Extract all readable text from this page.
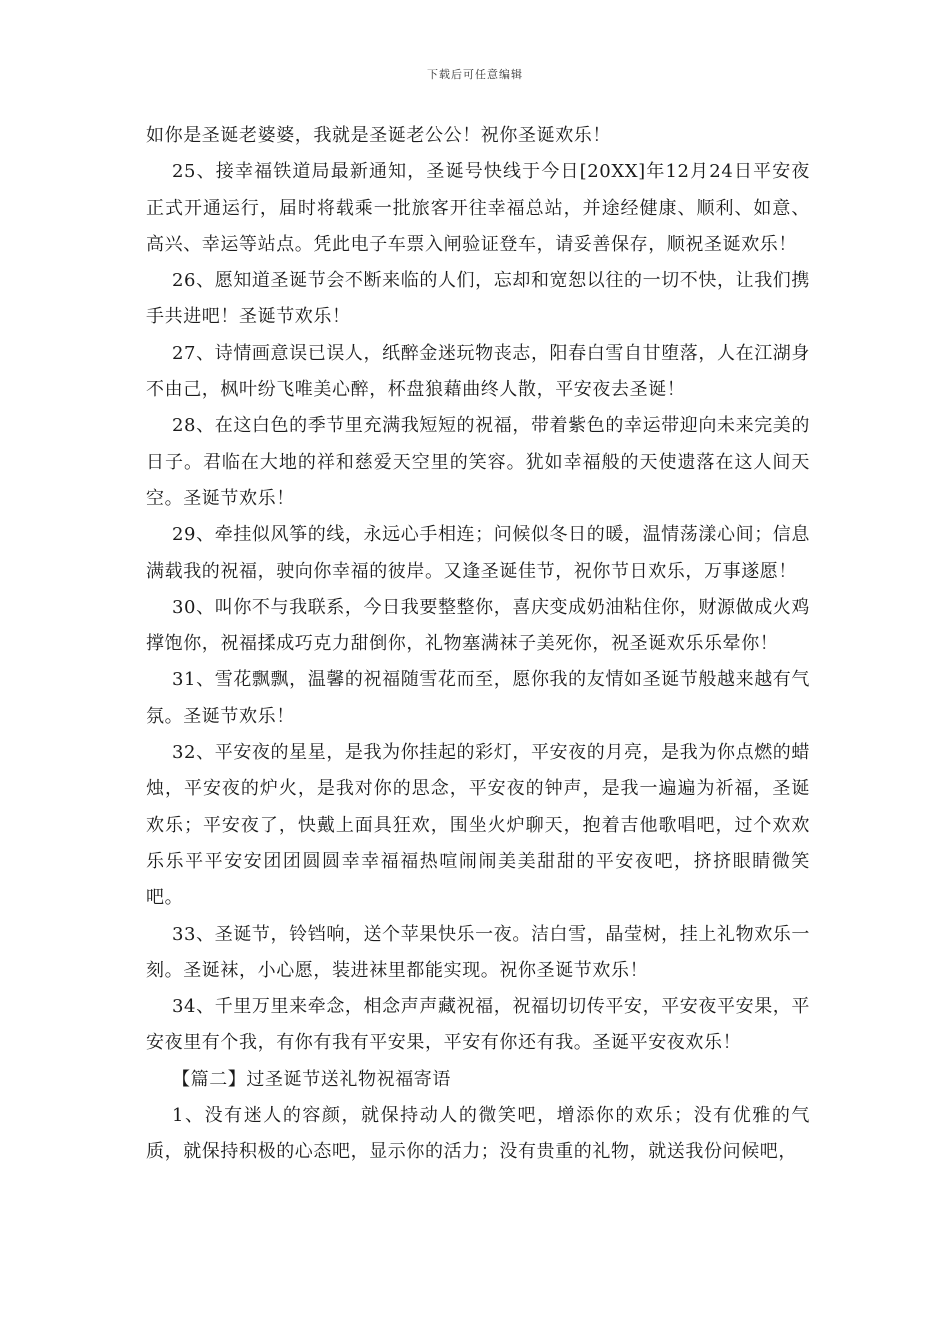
下载后可任意编辑

如你是圣诞老婆婆，我就是圣诞老公公！祝你圣诞欢乐！

25、接幸福铁道局最新通知，圣诞号快线于今日[20XX]年12月24日平安夜正式开通运行，届时将载乘一批旅客开往幸福总站，并途经健康、顺利、如意、高兴、幸运等站点。凭此电子车票入闸验证登车，请妥善保存，顺祝圣诞欢乐！

26、愿知道圣诞节会不断来临的人们，忘却和宽恕以往的一切不快，让我们携手共进吧！圣诞节欢乐！

27、诗情画意误已误人，纸醉金迷玩物丧志，阳春白雪自甘堕落，人在江湖身不由己，枫叶纷飞唯美心醉，杯盘狼藉曲终人散，平安夜去圣诞！

28、在这白色的季节里充满我短短的祝福，带着紫色的幸运带迎向未来完美的日子。君临在大地的祥和慈爱天空里的笑容。犹如幸福般的天使遗落在这人间天空。圣诞节欢乐！

29、牵挂似风筝的线，永远心手相连；问候似冬日的暖，温情荡漾心间；信息满载我的祝福，驶向你幸福的彼岸。又逢圣诞佳节，祝你节日欢乐，万事遂愿！

30、叫你不与我联系，今日我要整整你，喜庆变成奶油粘住你，财源做成火鸡撑饱你，祝福揉成巧克力甜倒你，礼物塞满袜子美死你，祝圣诞欢乐乐晕你！

31、雪花飘飘，温馨的祝福随雪花而至，愿你我的友情如圣诞节般越来越有气氛。圣诞节欢乐！

32、平安夜的星星，是我为你挂起的彩灯，平安夜的月亮，是我为你点燃的蜡烛，平安夜的炉火，是我对你的思念，平安夜的钟声，是我一遍遍为祈福，圣诞欢乐；平安夜了，快戴上面具狂欢，围坐火炉聊天，抱着吉他歌唱吧，过个欢欢乐乐平平安安团团圆圆幸幸福福热喧闹闹美美甜甜的平安夜吧，挤挤眼睛微笑吧。

33、圣诞节，铃铛响，送个苹果快乐一夜。洁白雪，晶莹树，挂上礼物欢乐一刻。圣诞袜，小心愿，装进袜里都能实现。祝你圣诞节欢乐！

34、千里万里来牵念，相念声声藏祝福，祝福切切传平安，平安夜平安果，平安夜里有个我，有你有我有平安果，平安有你还有我。圣诞平安夜欢乐！

【篇二】过圣诞节送礼物祝福寄语

1、没有迷人的容颜，就保持动人的微笑吧，增添你的欢乐；没有优雅的气质，就保持积极的心态吧，显示你的活力；没有贵重的礼物，就送我份问候吧，
